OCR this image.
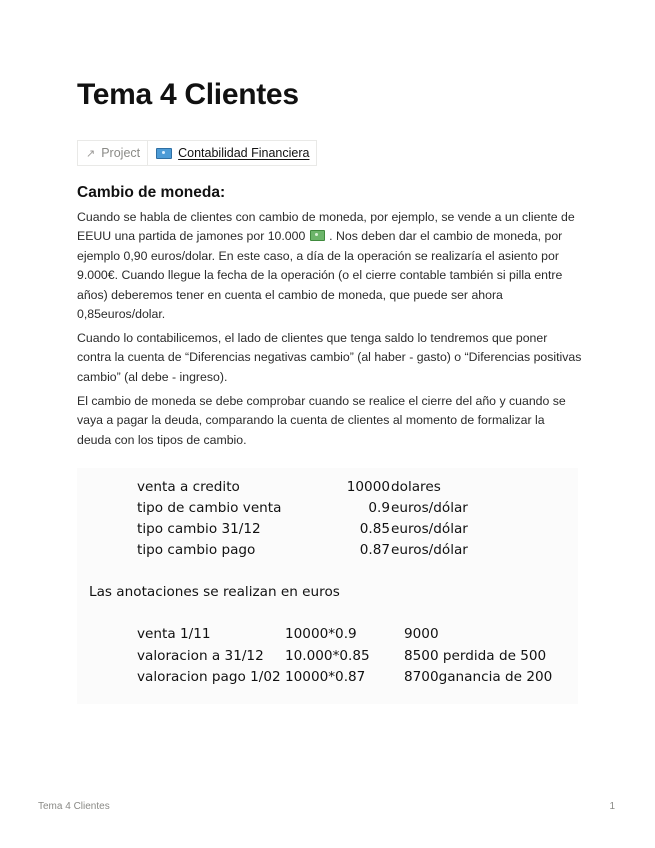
Tema 4 Clientes
↗ Project	Contabilidad Financiera
Cambio de moneda:

Cuando se habla de clientes con cambio de moneda, por ejemplo, se vende a un cliente de EEUU una partida de jamones por 10.000 . Nos deben dar el cambio de moneda, por ejemplo 0,90 euros/dolar. En este caso, a día de la operación se realizaría el asiento por 9.000€. Cuando llegue la fecha de la operación (o el cierre contable también si pilla entre años) deberemos tener en cuenta el cambio de moneda, que puede ser ahora 0,85euros/dolar.

Cuando lo contabilicemos, el lado de clientes que tenga saldo lo tendremos que poner contra la cuenta de “Diferencias negativas cambio” (al haber - gasto) o “Diferencias positivas cambio” (al debe - ingreso).

El cambio de moneda se debe comprobar cuando se realice el cierre del año y cuando se vaya a pagar la deuda, comparando la cuenta de clientes al momento de formalizar la deuda con los tipos de cambio.

venta a credito	10000 dolares
tipo de cambio venta	0.9 euros/dólar
tipo cambio 31/12	0.85 euros/dólar
tipo cambio pago	0.87 euros/dólar
Las anotaciones se realizan en euros
venta 1/11	10000*0.9	9000
valoracion a 31/12 10.000*0.85	8500 perdida de 500
valoracion pago 1/02 10000*0.87	8700ganancia de 200
Tema 4 Clientes	1
